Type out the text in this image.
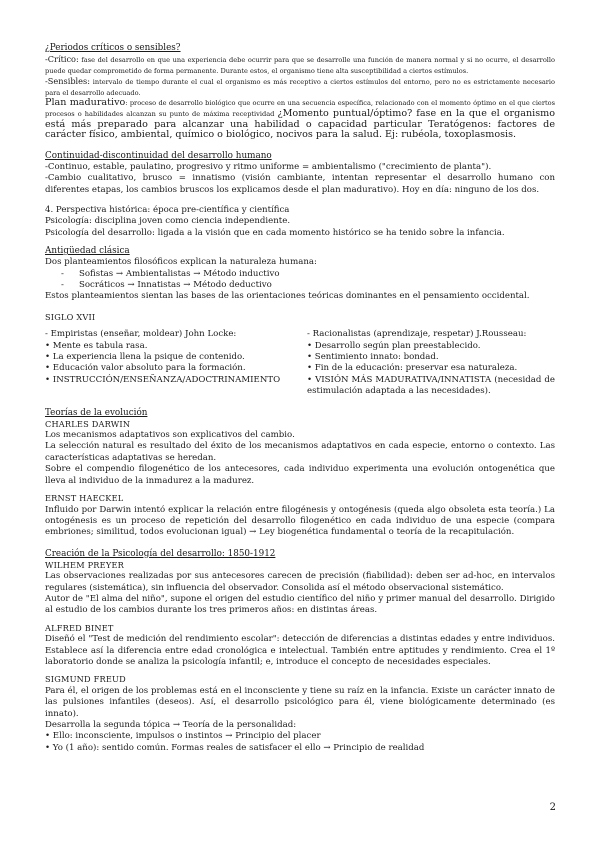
¿Periodos críticos o sensibles?

-Crítico: fase del desarrollo en que una experiencia debe ocurrir para que se desarrolle una función de manera normal y si no ocurre, el desarrollo puede quedar comprometido de forma permanente. Durante estos, el organismo tiene alta susceptibilidad a ciertos estímulos.

-Sensibles: intervalo de tiempo durante el cual el organismo es más receptivo a ciertos estímulos del entorno, pero no es estrictamente necesario para el desarrollo adecuado.

Plan madurativo: proceso de desarrollo biológico que ocurre en una secuencia específica, relacionado con el momento óptimo en el que ciertos procesos o habilidades alcanzan su punto de máxima receptividad ¿Momento puntual/óptimo? fase en la que el organismo está más preparado para alcanzar una habilidad o capacidad particular Teratógenos: factores de carácter físico, ambiental, químico o biológico, nocivos para la salud. Ej: rubéola, toxoplasmosis.

Continuidad-discontinuidad del desarrollo humano

-Continuo, estable, paulatino, progresivo y ritmo uniforme = ambientalismo ("crecimiento de planta").

-Cambio cualitativo, brusco = innatismo (visión cambiante, intentan representar el desarrollo humano con diferentes etapas, los cambios bruscos los explicamos desde el plan madurativo). Hoy en día: ninguno de los dos.

4. Perspectiva histórica: época pre-científica y científica

Psicología: disciplina joven como ciencia independiente.

Psicología del desarrollo: ligada a la visión que en cada momento histórico se ha tenido sobre la infancia.

Antigüedad clásica

Dos planteamientos filosóficos explican la naturaleza humana:

- Sofistas → Ambientalistas → Método inductivo
- Socráticos → Innatistas → Método deductivo

Estos planteamientos sientan las bases de las orientaciones teóricas dominantes en el pensamiento occidental.

SIGLO XVII

- Empiristas (enseñar, moldear) John Locke:

• Mente es tabula rasa.

• La experiencia llena la psique de contenido.

• Educación valor absoluto para la formación.

• INSTRUCCIÓN/ENSEÑANZA/ADOCTRINAMIENTO

- Racionalistas (aprendizaje, respetar) J.Rousseau:

• Desarrollo según plan preestablecido.

• Sentimiento innato: bondad.

• Fin de la educación: preservar esa naturaleza.

• VISIÓN MÁS MADURATIVA/INNATISTA (necesidad de estimulación adaptada a las necesidades).

Teorías de la evolución

CHARLES DARWIN

Los mecanismos adaptativos son explicativos del cambio.

La selección natural es resultado del éxito de los mecanismos adaptativos en cada especie, entorno o contexto. Las características adaptativas se heredan.

Sobre el compendio filogenético de los antecesores, cada individuo experimenta una evolución ontogenética que lleva al individuo de la inmadurez a la madurez.

ERNST HAECKEL

Influido por Darwin intentó explicar la relación entre filogénesis y ontogénesis (queda algo obsoleta esta teoría.) La ontogénesis es un proceso de repetición del desarrollo filogenético en cada individuo de una especie (compara embriones; similitud, todos evolucionan igual) → Ley biogenética fundamental o teoría de la recapitulación.

Creación de la Psicología del desarrollo: 1850-1912

WILHEM PREYER

Las observaciones realizadas por sus antecesores carecen de precisión (fiabilidad): deben ser ad-hoc, en intervalos regulares (sistemática), sin influencia del observador. Consolida así el método observacional sistemático.

Autor de "El alma del niño", supone el origen del estudio científico del niño y primer manual del desarrollo. Dirigido al estudio de los cambios durante los tres primeros años: en distintas áreas.

ALFRED BINET

Diseñó el "Test de medición del rendimiento escolar": detección de diferencias a distintas edades y entre individuos. Establece así la diferencia entre edad cronológica e intelectual. También entre aptitudes y rendimiento. Crea el 1º laboratorio donde se analiza la psicología infantil; e, introduce el concepto de necesidades especiales.

SIGMUND FREUD

Para él, el origen de los problemas está en el inconsciente y tiene su raíz en la infancia. Existe un carácter innato de las pulsiones infantiles (deseos). Así, el desarrollo psicológico para él, viene biológicamente determinado (es innato).

Desarrolla la segunda tópica → Teoría de la personalidad:

• Ello: inconsciente, impulsos o instintos → Principio del placer

• Yo (1 año): sentido común. Formas reales de satisfacer el ello → Principio de realidad

2
